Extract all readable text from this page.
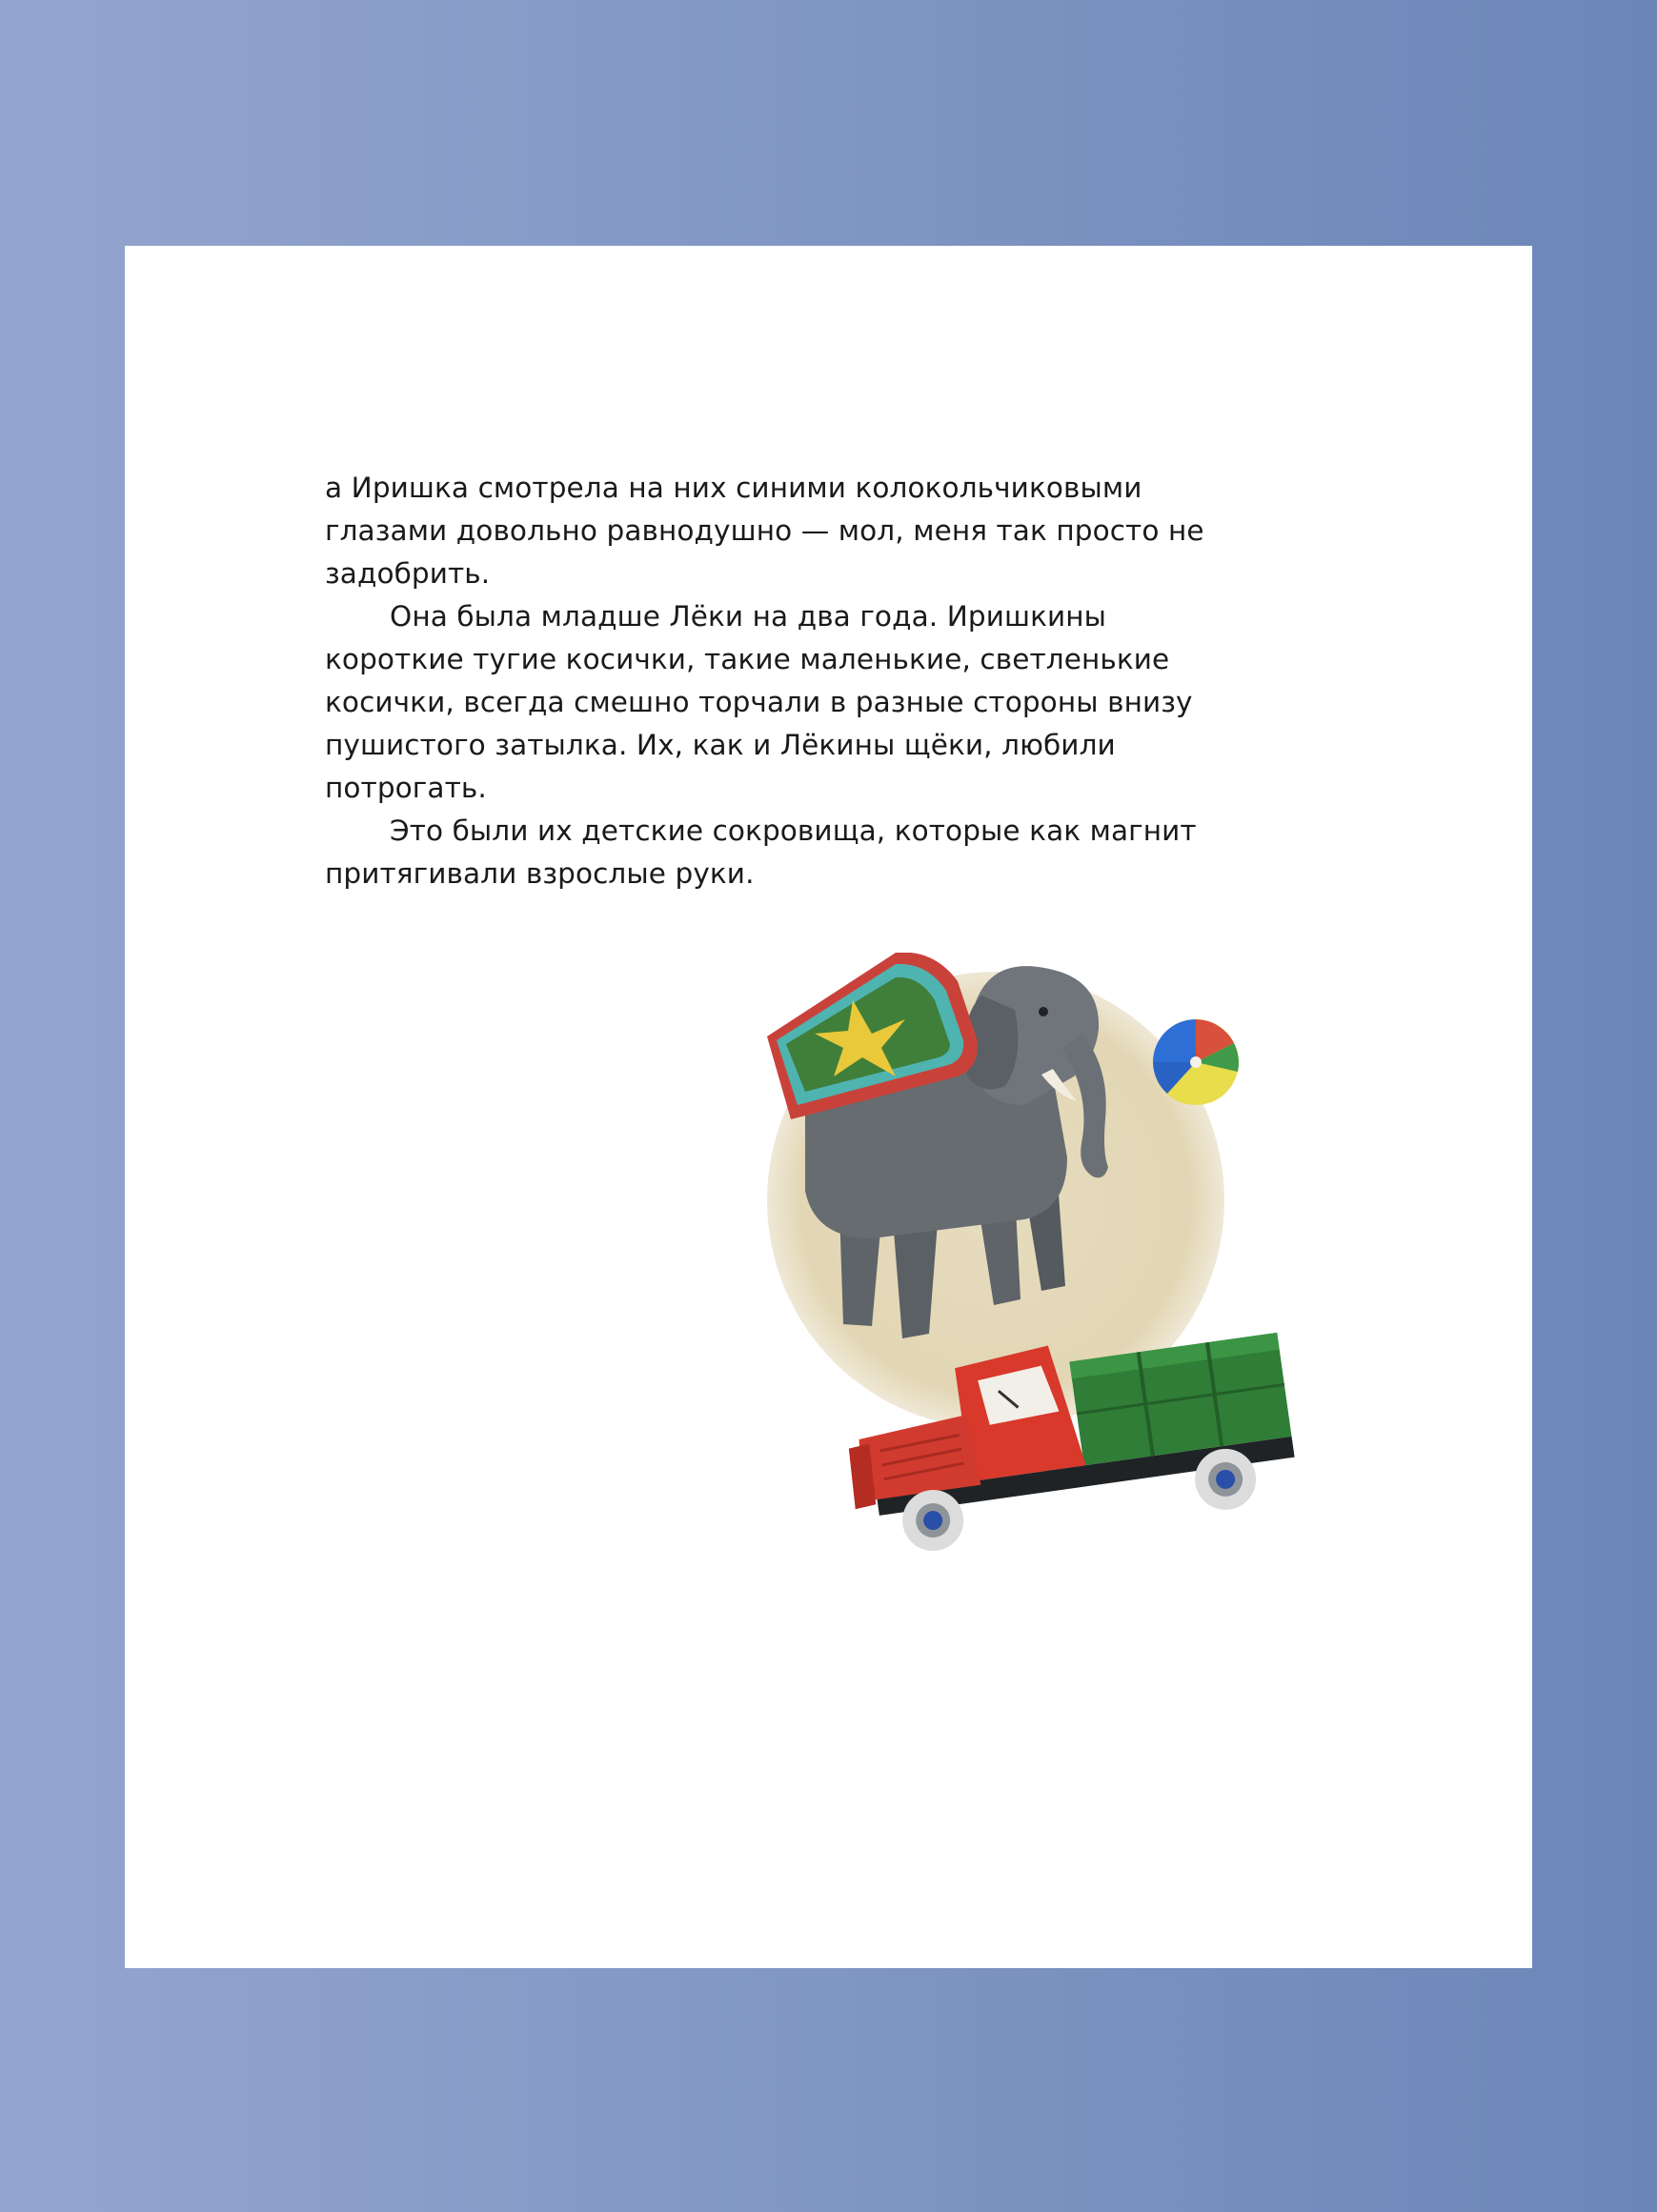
а Иришка смотрела на них синими колокольчиковыми
глазами довольно равнодушно — мол, меня так просто не
задобрить.
Она была младше Лёки на два года. Иришкины
короткие тугие косички, такие маленькие, светленькие
косички, всегда смешно торчали в разные стороны внизу
пушистого затылка. Их, как и Лёкины щёки, любили
потрогать.
Это были их детские сокровища, которые как магнит
притягивали взрослые руки.
